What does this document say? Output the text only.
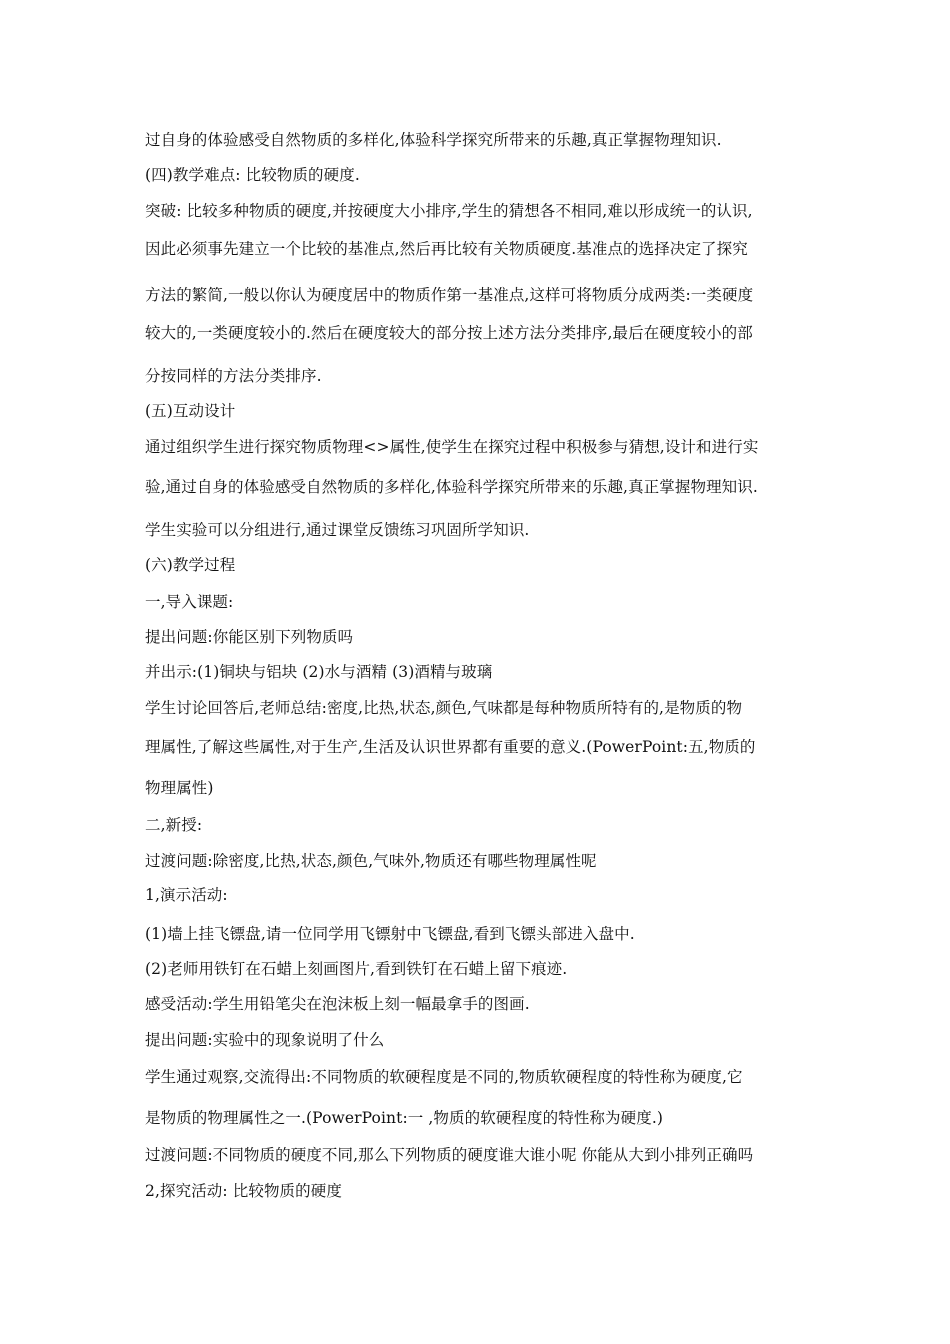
过自身的体验感受自然物质的多样化,体验科学探究所带来的乐趣,真正掌握物理知识.
(四)教学难点: 比较物质的硬度.
突破: 比较多种物质的硬度,并按硬度大小排序,学生的猜想各不相同,难以形成统一的认识,
因此必须事先建立一个比较的基准点,然后再比较有关物质硬度.基准点的选择决定了探究
方法的繁简,一般以你认为硬度居中的物质作第一基准点,这样可将物质分成两类:一类硬度
较大的,一类硬度较小的.然后在硬度较大的部分按上述方法分类排序,最后在硬度较小的部
分按同样的方法分类排序.
(五)互动设计
通过组织学生进行探究物质物理<>属性,使学生在探究过程中积极参与猜想,设计和进行实
验,通过自身的体验感受自然物质的多样化,体验科学探究所带来的乐趣,真正掌握物理知识.
学生实验可以分组进行,通过课堂反馈练习巩固所学知识.
(六)教学过程
一,导入课题:
提出问题:你能区别下列物质吗
并出示:(1)铜块与铝块 (2)水与酒精 (3)酒精与玻璃
学生讨论回答后,老师总结:密度,比热,状态,颜色,气味都是每种物质所特有的,是物质的物
理属性,了解这些属性,对于生产,生活及认识世界都有重要的意义.(PowerPoint:五,物质的
物理属性)
二,新授:
过渡问题:除密度,比热,状态,颜色,气味外,物质还有哪些物理属性呢
1,演示活动:
(1)墙上挂飞镖盘,请一位同学用飞镖射中飞镖盘,看到飞镖头部进入盘中.
(2)老师用铁钉在石蜡上刻画图片,看到铁钉在石蜡上留下痕迹.
感受活动:学生用铅笔尖在泡沫板上刻一幅最拿手的图画.
提出问题:实验中的现象说明了什么
学生通过观察,交流得出:不同物质的软硬程度是不同的,物质软硬程度的特性称为硬度,它
是物质的物理属性之一.(PowerPoint:一 ,物质的软硬程度的特性称为硬度.)
过渡问题:不同物质的硬度不同,那么下列物质的硬度谁大谁小呢 你能从大到小排列正确吗
2,探究活动: 比较物质的硬度
